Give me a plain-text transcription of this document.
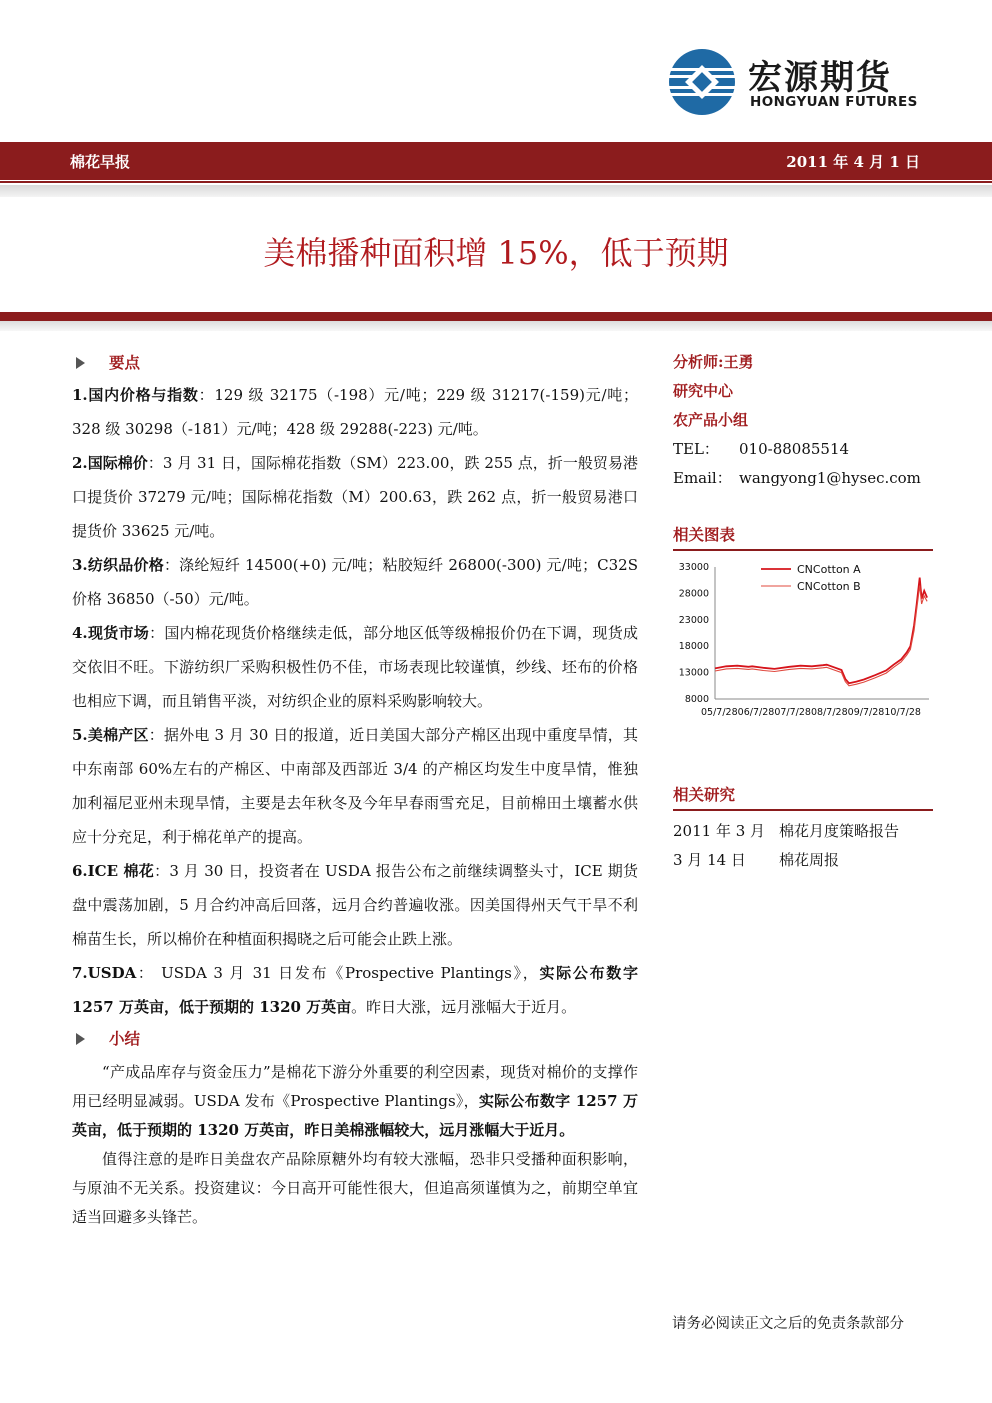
宏源期货
HONGYUAN FUTURES
棉花早报	2011 年 4 月 1 日
美棉播种面积增 15%，低于预期
要点
1.国内价格与指数：129 级 32175（-198）元/吨；229 级 31217(-159)元/吨；328 级 30298（-181）元/吨；428 级 29288(-223) 元/吨。
2.国际棉价：3 月 31 日，国际棉花指数（SM）223.00，跌 255 点，折一般贸易港口提货价 37279 元/吨；国际棉花指数（M）200.63，跌 262 点，折一般贸易港口提货价 33625 元/吨。
3.纺织品价格：涤纶短纤 14500(+0) 元/吨；粘胶短纤 26800(-300) 元/吨；C32S 价格 36850（-50）元/吨。
4.现货市场：国内棉花现货价格继续走低，部分地区低等级棉报价仍在下调，现货成交依旧不旺。下游纺织厂采购积极性仍不佳，市场表现比较谨慎，纱线、坯布的价格也相应下调，而且销售平淡，对纺织企业的原料采购影响较大。
5.美棉产区：据外电 3 月 30 日的报道，近日美国大部分产棉区出现中重度旱情，其中东南部 60%左右的产棉区、中南部及西部近 3/4 的产棉区均发生中度旱情，惟独加利福尼亚州未现旱情，主要是去年秋冬及今年早春雨雪充足，目前棉田土壤蓄水供应十分充足，利于棉花单产的提高。
6.ICE 棉花：3 月 30 日，投资者在 USDA 报告公布之前继续调整头寸，ICE 期货盘中震荡加剧，5 月合约冲高后回落，远月合约普遍收涨。因美国得州天气干旱不利棉苗生长，所以棉价在种植面积揭晓之后可能会止跌上涨。
7.USDA： USDA 3 月 31 日发布《Prospective Plantings》，实际公布数字 1257 万英亩，低于预期的 1320 万英亩。昨日大涨，远月涨幅大于近月。
小结

“产成品库存与资金压力”是棉花下游分外重要的利空因素，现货对棉价的支撑作用已经明显减弱。USDA 发布《Prospective Plantings》，实际公布数字 1257 万英亩，低于预期的 1320 万英亩，昨日美棉涨幅较大，远月涨幅大于近月。

值得注意的是昨日美盘农产品除原糖外均有较大涨幅，恐非只受播种面积影响，与原油不无关系。投资建议：今日高开可能性很大，但追高须谨慎为之，前期空单宜适当回避多头锋芒。

分析师:王勇
研究中心
农产品小组
TEL：	010-88085514
Email： wangyong1@hysec.com
相关图表
33000
28000
23000
18000
13000
8000
05/7/28 06/7/28 07/7/28 08/7/28 09/7/28 10/7/28
CNCotton A
CNCotton B
相关研究
2011 年 3 月 棉花月度策略报告
3 月 14 日	棉花周报
请务必阅读正文之后的免责条款部分
